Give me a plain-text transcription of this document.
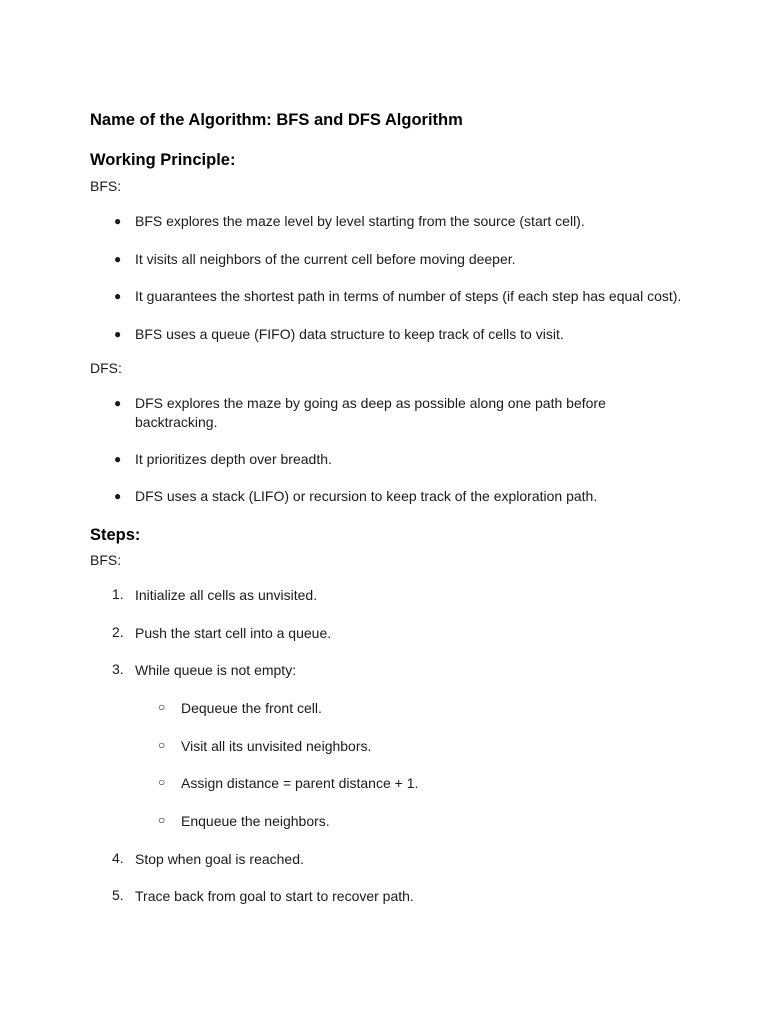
Name of the Algorithm: BFS and DFS Algorithm
Working Principle:
BFS:
● BFS explores the maze level by level starting from the source (start cell).
● It visits all neighbors of the current cell before moving deeper.
● It guarantees the shortest path in terms of number of steps (if each step has equal cost).
● BFS uses a queue (FIFO) data structure to keep track of cells to visit.
DFS:
● DFS explores the maze by going as deep as possible along one path before backtracking.
● It prioritizes depth over breadth.
● DFS uses a stack (LIFO) or recursion to keep track of the exploration path.
Steps:
BFS:
1. Initialize all cells as unvisited.
2. Push the start cell into a queue.
3. While queue is not empty:
○ Dequeue the front cell.
○ Visit all its unvisited neighbors.
○ Assign distance = parent distance + 1.
○ Enqueue the neighbors.
4. Stop when goal is reached.
5. Trace back from goal to start to recover path.
